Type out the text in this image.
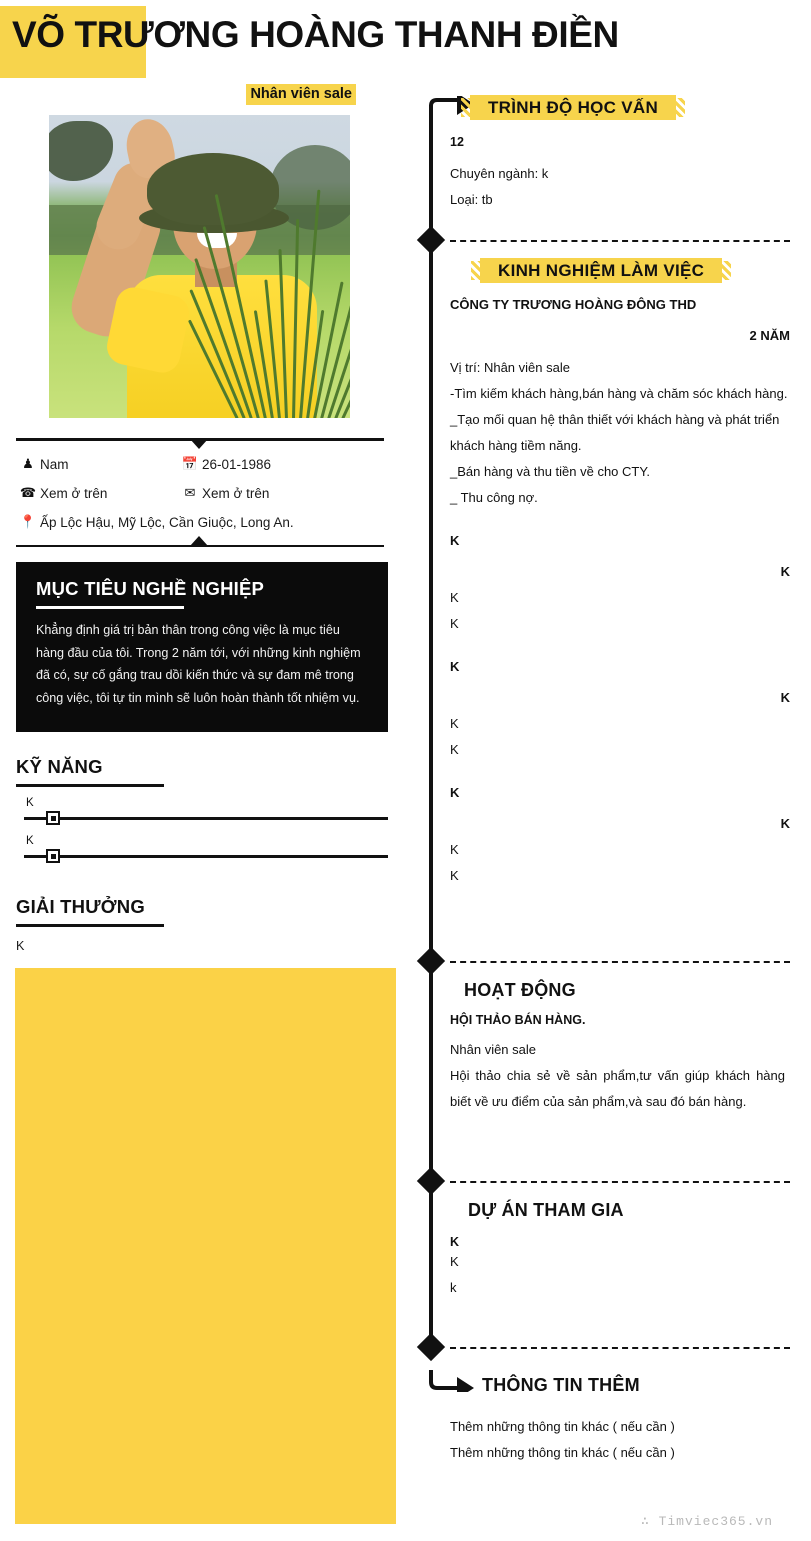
VÕ TRƯƠNG HOÀNG THANH ĐIỀN
Nhân viên sale
♟ Nam	📅 26-01-1986
☎ Xem ở trên	✉ Xem ở trên
📍 Ấp Lộc Hậu, Mỹ Lộc, Cần Giuộc, Long An.
MỤC TIÊU NGHỀ NGHIỆP
Khẳng định giá trị bản thân trong công việc là mục tiêu hàng đầu của tôi. Trong 2 năm tới, với những kinh nghiệm đã có, sự cố gắng trau dồi kiến thức và sự đam mê trong công việc, tôi tự tin mình sẽ luôn hoàn thành tốt nhiệm vụ.
KỸ NĂNG
K
K
GIẢI THƯỞNG
K
TRÌNH ĐỘ HỌC VẤN
12
Chuyên ngành: k
Loại: tb
KINH NGHIỆM LÀM VIỆC
CÔNG TY TRƯƠNG HOÀNG ĐÔNG THD
2 NĂM
Vị trí: Nhân viên sale
-Tìm kiếm khách hàng,bán hàng và chăm sóc khách hàng.
_Tạo mối quan hệ thân thiết với khách hàng và phát triển khách hàng tiềm năng.
_Bán hàng và thu tiền về cho CTY.
_ Thu công nợ.
K
K
K
K
K
K
K
K
K
K
K
K
HOẠT ĐỘNG
HỘI THẢO BÁN HÀNG.
Nhân viên sale
Hội thảo chia sẻ về sản phẩm,tư vấn giúp khách hàng biết về ưu điểm của sản phẩm,và sau đó bán hàng.
DỰ ÁN THAM GIA
K
K
k
THÔNG TIN THÊM
Thêm những thông tin khác ( nếu cần )
Thêm những thông tin khác ( nếu cần )
∴ Timviec365.vn
